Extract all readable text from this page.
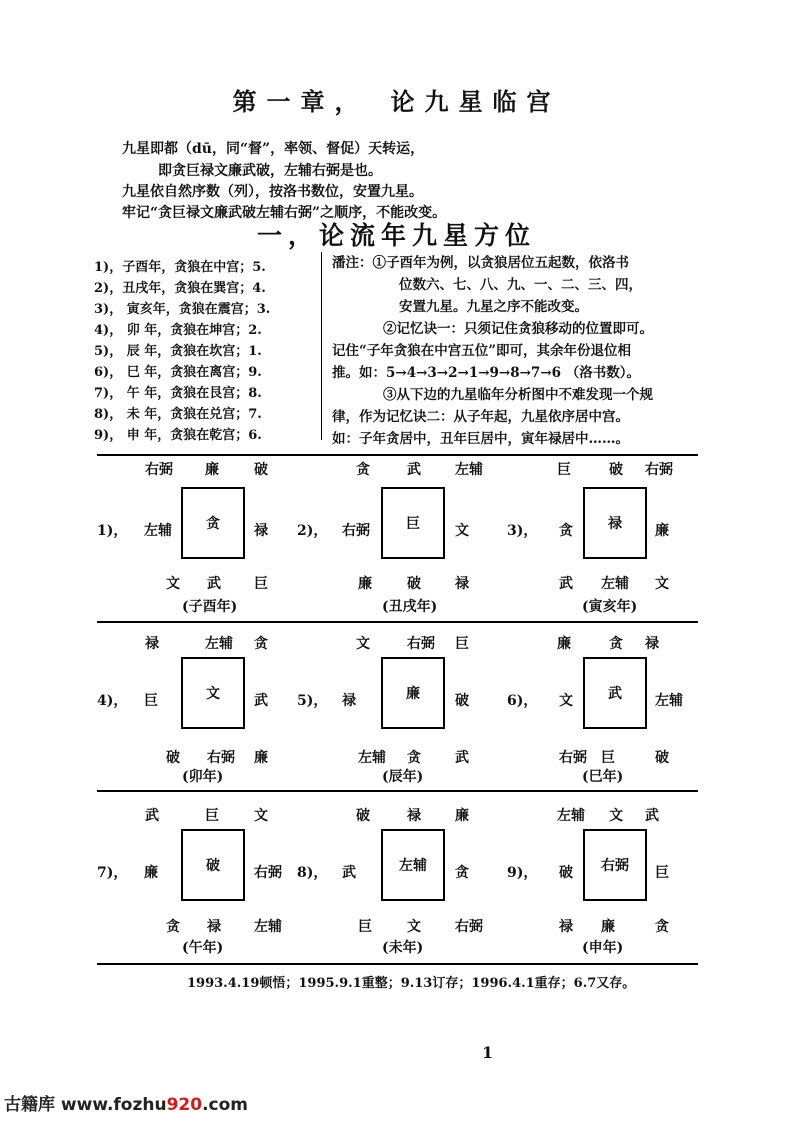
第一章，　论九星临宫
九星即都（dū，同“督”，率领、督促）天转运，
即贪巨禄文廉武破，左辅右弼是也。
九星依自然序数（列），按洛书数位，安置九星。
牢记“贪巨禄文廉武破左辅右弼”之顺序，不能改变。
一，论流年九星方位
1)，子酉年，贪狼在中宫；5.
2)，丑戌年，贪狼在巽宫；4.
3)， 寅亥年，贪狼在震宫；3.
4)， 卯 年，贪狼在坤宫；2.
5)， 辰 年，贪狼在坎宫；1.
6)， 巳 年，贪狼在离宫；9.
7)， 午 年，贪狼在艮宫；8.
8)， 未 年，贪狼在兑宫；7.
9)， 申 年，贪狼在乾宫；6.
潘注：①子酉年为例，以贪狼居位五起数，依洛书
位数六、七、八、九、一、二、三、四，
安置九星。九星之序不能改变。
②记忆诀一：只须记住贪狼移动的位置即可。
记住“子年贪狼在中宫五位”即可，其余年份退位相
推。如：5→4→3→2→1→9→8→7→6 （洛书数）。
③从下边的九星临年分析图中不难发现一个规
律，作为记忆诀二：从子年起，九星依序居中宫。
如：子年贪居中，丑年巨居中，寅年禄居中……。
右弼 廉	破
1)， 左辅	贪	禄
文 武 巨
(子酉年)
贪	武 左辅
2)， 右弼	巨	文
廉	破 禄
(丑戌年)
巨	破 右弼
3)， 贪	禄	廉
武 左辅 文
(寅亥年)
禄	左辅 贪
4)， 巨	文	武
破 右弼 廉
(卯年)
文	右弼 巨
5)， 禄	廉	破
左辅 贪 武
(辰年)
廉	贪 禄
6)， 文	武	左辅
右弼 巨	破
(巳年)
武	巨	文
7)， 廉	破	右弼
贪 禄 左辅
(午年)
破	禄 廉
8)， 武	左辅	贪
巨	文 右弼
(未年)
左辅 文 武
9)， 破	右弼	巨
禄 廉	贪
(申年)
1993.4.19顿悟；1995.9.1重整；9.13订存；1996.4.1重存；6.7又存。
1
古籍库 www.fozhu920.com
